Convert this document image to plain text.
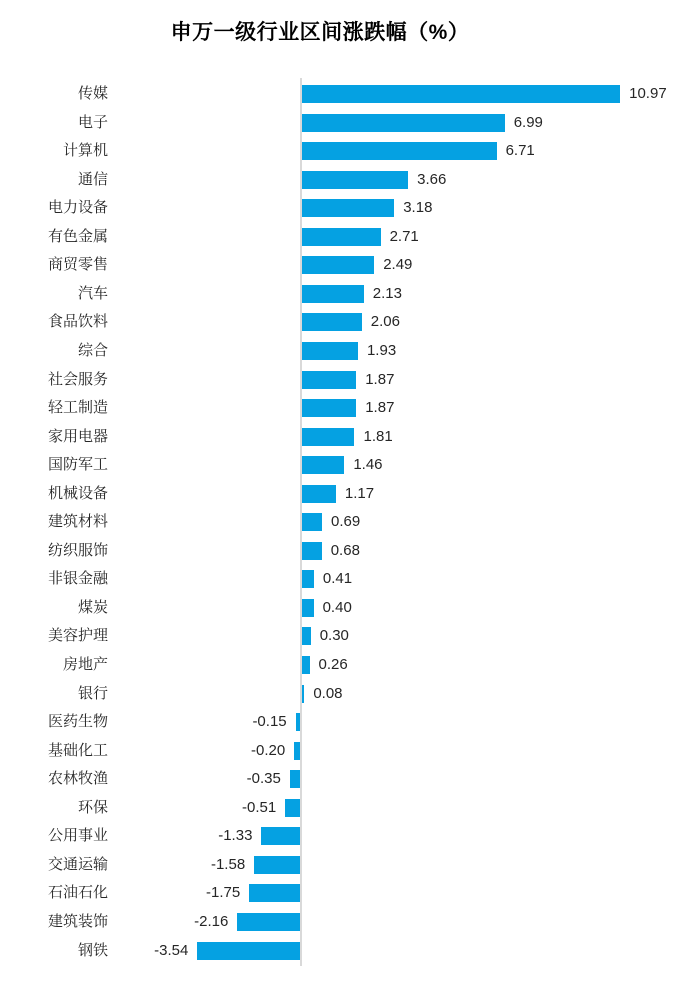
申万一级行业区间涨跌幅（%）
传媒	10.97
电子	6.99
计算机	6.71
通信	3.66
电力设备	3.18
有色金属	2.71
商贸零售	2.49
汽车	2.13
食品饮料	2.06
综合	1.93
社会服务	1.87
轻工制造	1.87
家用电器	1.81
国防军工	1.46
机械设备	1.17
建筑材料	0.69
纺织服饰	0.68
非银金融	0.41
煤炭	0.40
美容护理	0.30
房地产	0.26
银行	0.08
医药生物	-0.15
基础化工	-0.20
农林牧渔	-0.35
环保	-0.51
公用事业	-1.33
交通运输	-1.58
石油石化	-1.75
建筑装饰	-2.16
钢铁	-3.54
